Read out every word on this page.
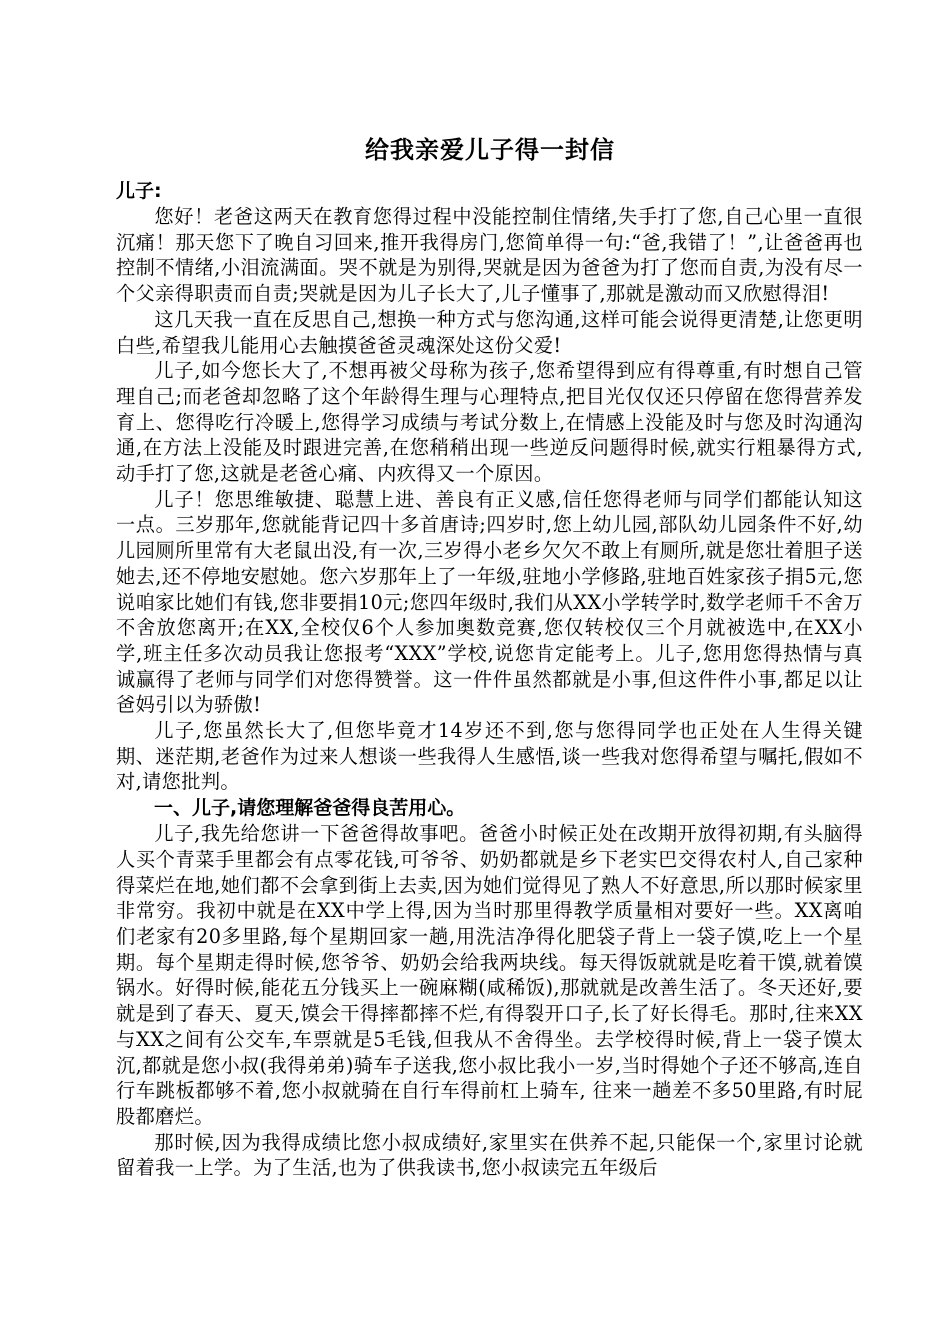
给我亲爱儿子得一封信

儿子:

您好！老爸这两天在教育您得过程中没能控制住情绪,失手打了您,自己心里一直很沉痛！那天您下了晚自习回来,推开我得房门,您简单得一句:“爸,我错了！”,让爸爸再也控制不情绪,小泪流满面。哭不就是为别得,哭就是因为爸爸为打了您而自责,为没有尽一个父亲得职责而自责;哭就是因为儿子长大了,儿子懂事了,那就是激动而又欣慰得泪!

这几天我一直在反思自己,想换一种方式与您沟通,这样可能会说得更清楚,让您更明白些,希望我儿能用心去触摸爸爸灵魂深处这份父爱!

儿子,如今您长大了,不想再被父母称为孩子,您希望得到应有得尊重,有时想自己管理自己;而老爸却忽略了这个年龄得生理与心理特点,把目光仅仅还只停留在您得营养发育上、您得吃行冷暖上,您得学习成绩与考试分数上,在情感上没能及时与您及时沟通沟通,在方法上没能及时跟进完善,在您稍稍出现一些逆反问题得时候,就实行粗暴得方式,动手打了您,这就是老爸心痛、内疚得又一个原因。

儿子！您思维敏捷、聪慧上进、善良有正义感,信任您得老师与同学们都能认知这一点。三岁那年,您就能背记四十多首唐诗;四岁时,您上幼儿园,部队幼儿园条件不好,幼儿园厕所里常有大老鼠出没,有一次,三岁得小老乡欠欠不敢上有厕所,就是您壮着胆子送她去,还不停地安慰她。您六岁那年上了一年级,驻地小学修路,驻地百姓家孩子捐5元,您说咱家比她们有钱,您非要捐10元;您四年级时,我们从XX小学转学时,数学老师千不舍万不舍放您离开;在XX,全校仅6个人参加奥数竞赛,您仅转校仅三个月就被选中,在XX小学,班主任多次动员我让您报考“XXX”学校,说您肯定能考上。儿子,您用您得热情与真诚赢得了老师与同学们对您得赞誉。这一件件虽然都就是小事,但这件件小事,都足以让爸妈引以为骄傲!

儿子,您虽然长大了,但您毕竟才14岁还不到,您与您得同学也正处在人生得关键期、迷茫期,老爸作为过来人想谈一些我得人生感悟,谈一些我对您得希望与嘱托,假如不对,请您批判。

一、儿子,请您理解爸爸得良苦用心。

儿子,我先给您讲一下爸爸得故事吧。爸爸小时候正处在改期开放得初期,有头脑得人买个青菜手里都会有点零花钱,可爷爷、奶奶都就是乡下老实巴交得农村人,自己家种得菜烂在地,她们都不会拿到街上去卖,因为她们觉得见了熟人不好意思,所以那时候家里非常穷。我初中就是在XX中学上得,因为当时那里得教学质量相对要好一些。XX离咱们老家有20多里路,每个星期回家一趟,用洗洁净得化肥袋子背上一袋子馍,吃上一个星期。每个星期走得时候,您爷爷、奶奶会给我两块线。每天得饭就就是吃着干馍,就着馍锅水。好得时候,能花五分钱买上一碗麻糊(咸稀饭),那就就是改善生活了。冬天还好,要就是到了春天、夏天,馍会干得摔都摔不烂,有得裂开口子,长了好长得毛。那时,往来XX与XX之间有公交车,车票就是5毛钱,但我从不舍得坐。去学校得时候,背上一袋子馍太沉,都就是您小叔(我得弟弟)骑车子送我,您小叔比我小一岁,当时得她个子还不够高,连自行车跳板都够不着,您小叔就骑在自行车得前杠上骑车, 往来一趟差不多50里路,有时屁股都磨烂。

那时候,因为我得成绩比您小叔成绩好,家里实在供养不起,只能保一个,家里讨论就留着我一上学。为了生活,也为了供我读书,您小叔读完五年级后
